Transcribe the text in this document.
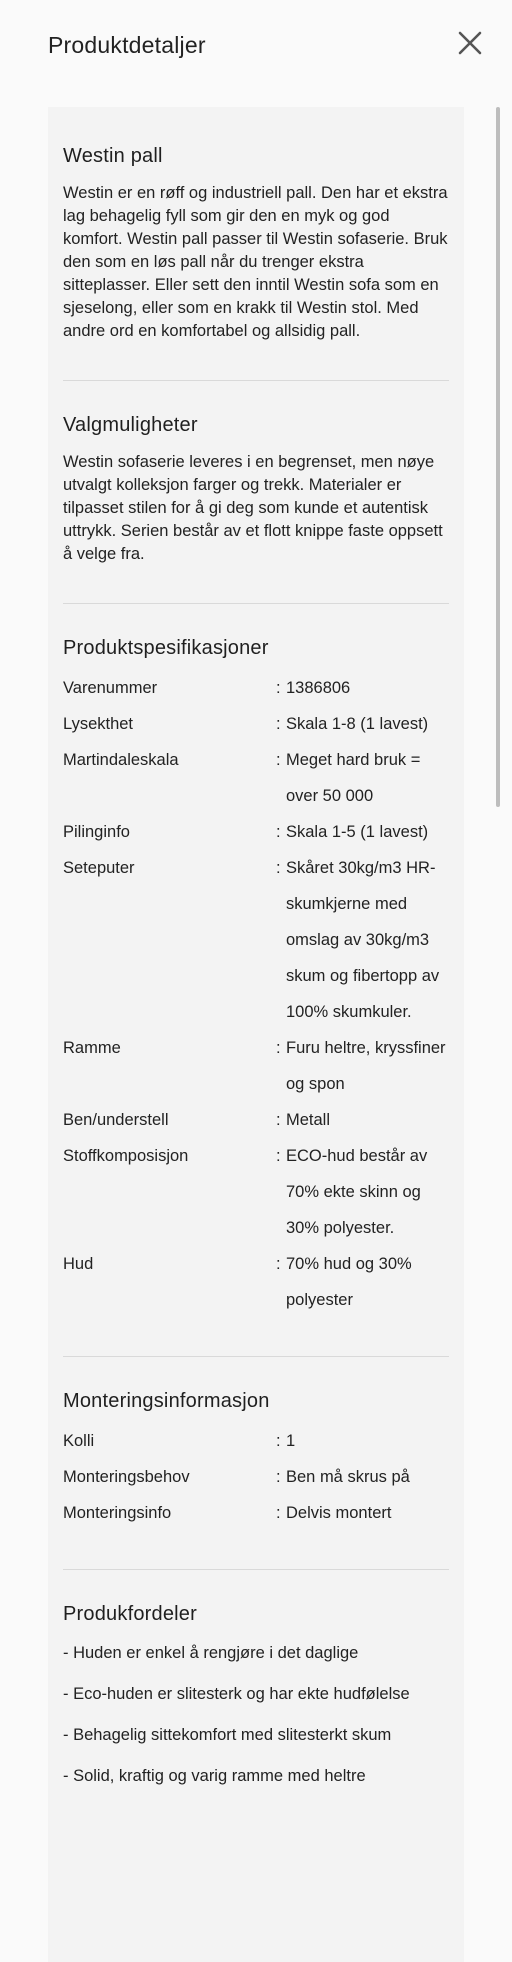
Produktdetaljer
Westin pall

Westin er en røff og industriell pall. Den har et ekstra lag behagelig fyll som gir den en myk og god komfort. Westin pall passer til Westin sofaserie. Bruk den som en løs pall når du trenger ekstra sitteplasser. Eller sett den inntil Westin sofa som en sjeselong, eller som en krakk til Westin stol. Med andre ord en komfortabel og allsidig pall.

Valgmuligheter

Westin sofaserie leveres i en begrenset, men nøye utvalgt kolleksjon farger og trekk. Materialer er tilpasset stilen for å gi deg som kunde et autentisk uttrykk. Serien består av et flott knippe faste oppsett å velge fra.

Produktspesifikasjoner
Varenummer	: 1386806
Lysekthet	: Skala 1-8 (1 lavest)
Martindaleskala	: Meget hard bruk = over 50 000
Pilinginfo	: Skala 1-5 (1 lavest)
Seteputer	: Skåret 30kg/m3 HR-skumkjerne med omslag av 30kg/m3 skum og fibertopp av 100% skumkuler.
Ramme	: Furu heltre, kryssfiner og spon
Ben/understell	: Metall
Stoffkomposisjon	: ECO-hud består av 70% ekte skinn og 30% polyester.
Hud	: 70% hud og 30% polyester
Monteringsinformasjon
Kolli	: 1
Monteringsbehov	: Ben må skrus på
Monteringsinfo	: Delvis montert
Produkfordeler

- Huden er enkel å rengjøre i det daglige

- Eco-huden er slitesterk og har ekte hudfølelse

- Behagelig sittekomfort med slitesterkt skum

- Solid, kraftig og varig ramme med heltre
